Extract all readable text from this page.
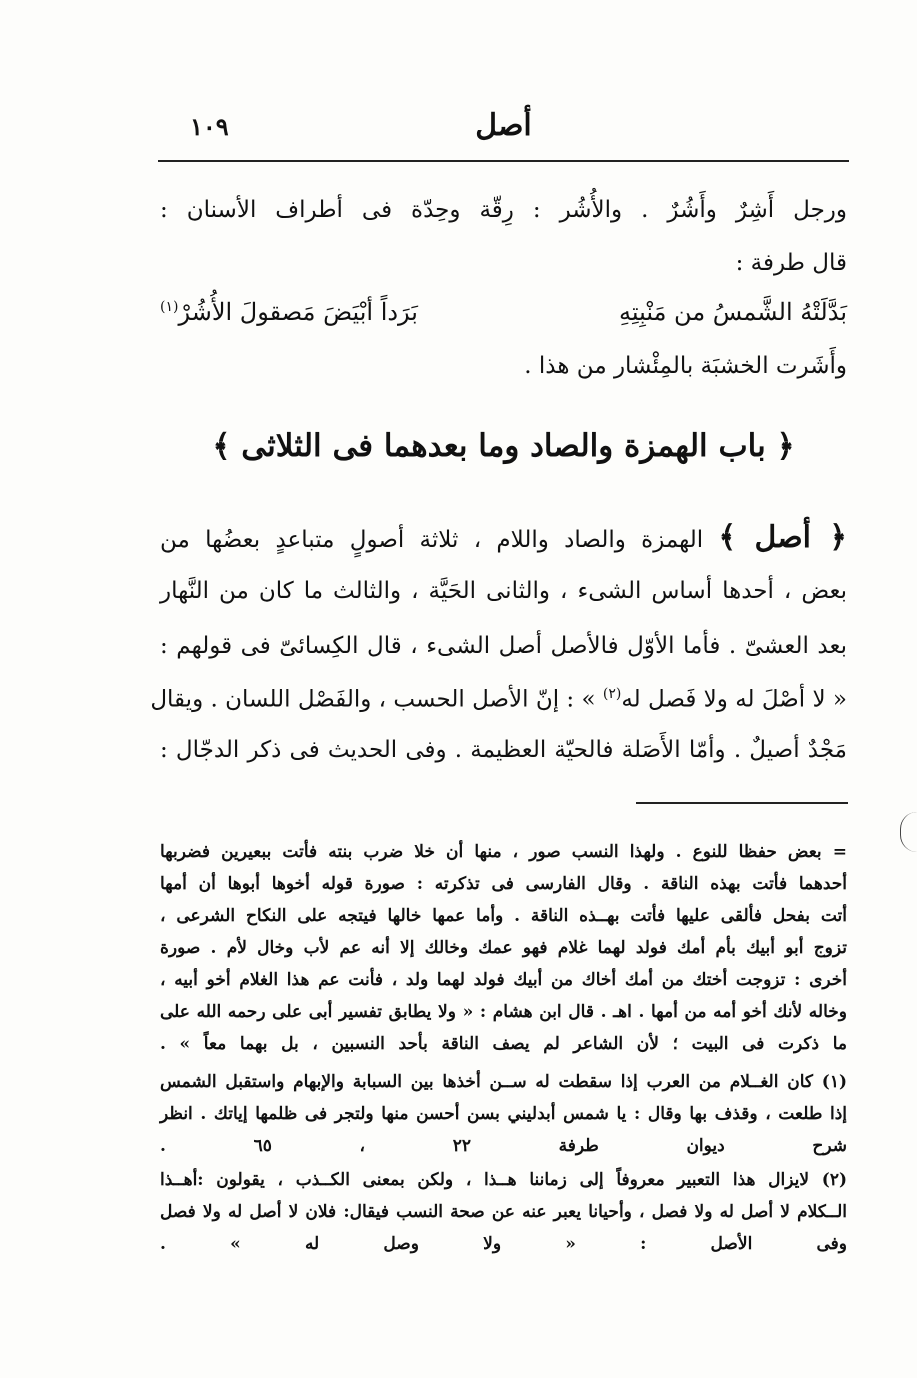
أصل
١٠٩
ورجل أَشِرٌ وأَشُرٌ . والأُشُر : رِقّة وحِدّة فى أطراف الأسنان :
قال طرفة :
بَدَّلَتْهُ الشَّمسُ من مَنْبِتِهِ
بَرَداً أبْيَضَ مَصقولَ الأُشُرْ$^{(١)}$
وأَشَرت الخشبَة بالمِئْشار من هذا .
﴿ باب الهمزة والصاد وما بعدهما فى الثلاثى ﴾
﴿ أصل ﴾ الهمزة والصاد واللام ، ثلاثة أصولٍ متباعدٍ بعضُها من
بعض ، أحدها أساس الشىء ، والثانى الحَيَّة ، والثالث ما كان من النَّهار
بعد العشىّ . فأما الأوّل فالأصل أصل الشىء ، قال الكِسائىّ فى قولهم :
« لا أصْلَ له ولا فَصل له$^{(٢)}$ » : إنّ الأصل الحسب ، والفَصْل اللسان . ويقال
مَجْدٌ أصيلٌ . وأمّا الأَصَلة فالحيّة العظيمة . وفى الحديث فى ذكر الدجّال :
= بعض حفظا للنوع . ولهذا النسب صور ، منها أن خلا ضرب بنته فأتت ببعيرين فضربها
أحدهما فأتت بهذه الناقة . وقال الفارسى فى تذكرته : صورة قوله أخوها أبوها أن أمها
أتت بفحل فألقى عليها فأتت بهــذه الناقة . وأما عمها خالها فيتجه على النكاح الشرعى ،
تزوج أبو أبيك بأم أمك فولد لهما غلام فهو عمك وخالك إلا أنه عم لأب وخال لأم . صورة
أخرى : تزوجت أختك من أمك أخاك من أبيك فولد لهما ولد ، فأنت عم هذا الغلام أخو أبيه ،
وخاله لأنك أخو أمه من أمها . اهـ . قال ابن هشام : « ولا يطابق تفسير أبى على رحمه الله على
ما ذكرت فى البيت ؛ لأن الشاعر لم يصف الناقة بأحد النسبين ، بل بهما معاً » .
(١) كان الغــلام من العرب إذا سقطت له ســن أخذها بين السبابة والإبهام واستقبل الشمس
إذا طلعت ، وقذف بها وقال : يا شمس أبدليني بسن أحسن منها ولتجر فى ظلمها إياتك . انظر
شرح ديوان طرفة ٢٢ ، ٦٥ .
(٢) لايزال هذا التعبير معروفاً إلى زماننا هــذا ، ولكن بمعنى الكــذب ، يقولون :أهــذا
الــكلام لا أصل له ولا فصل ، وأحيانا يعبر عنه عن صحة النسب فيقال: فلان لا أصل له ولا فصل
وفى الأصل : « ولا وصل له » .
